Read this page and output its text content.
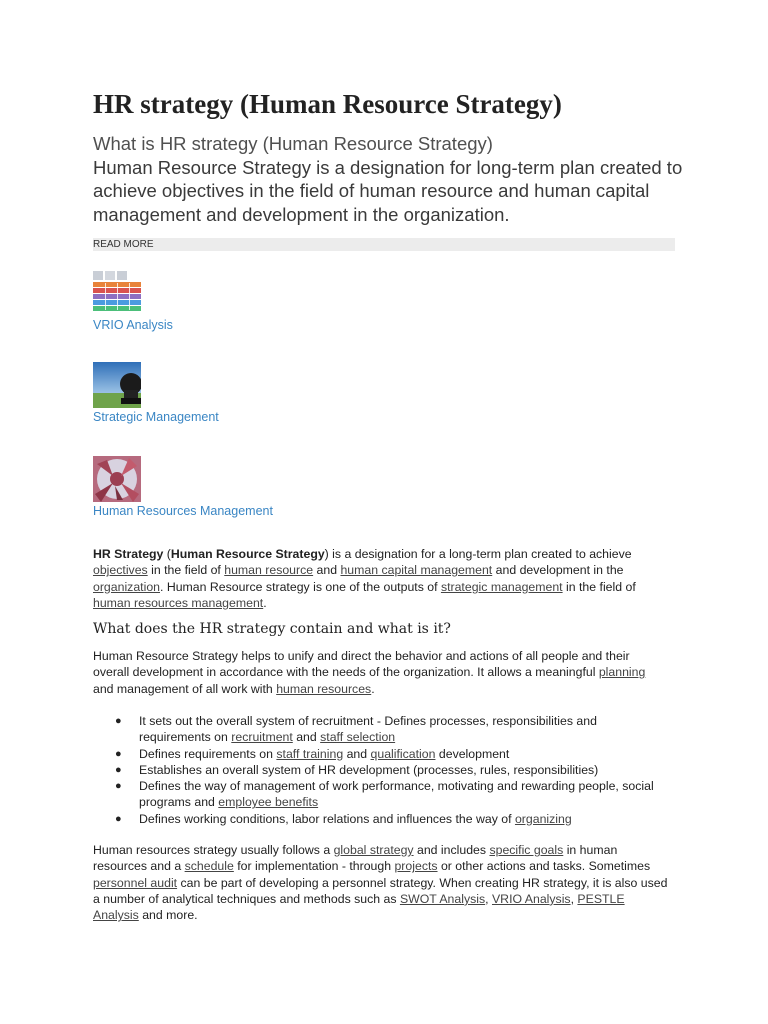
HR strategy (Human Resource Strategy)

What is HR strategy (Human Resource Strategy)
Human Resource Strategy is a designation for long-term plan created to achieve objectives in the field of human resource and human capital management and development in the organization.

READ MORE
VRIO Analysis
Strategic Management
Human Resources Management

HR Strategy (Human Resource Strategy) is a designation for a long-term plan created to achieve objectives in the field of human resource and human capital management and development in the organization. Human Resource strategy is one of the outputs of strategic management in the field of human resources management.

What does the HR strategy contain and what is it?

Human Resource Strategy helps to unify and direct the behavior and actions of all people and their overall development in accordance with the needs of the organization. It allows a meaningful planning and management of all work with human resources.

● It sets out the overall system of recruitment - Defines processes, responsibilities and requirements on recruitment and staff selection
● Defines requirements on staff training and qualification development
● Establishes an overall system of HR development (processes, rules, responsibilities)
● Defines the way of management of work performance, motivating and rewarding people, social programs and employee benefits
● Defines working conditions, labor relations and influences the way of organizing

Human resources strategy usually follows a global strategy and includes specific goals in human resources and a schedule for implementation - through projects or other actions and tasks. Sometimes personnel audit can be part of developing a personnel strategy. When creating HR strategy, it is also used a number of analytical techniques and methods such as SWOT Analysis, VRIO Analysis, PESTLE Analysis and more.
